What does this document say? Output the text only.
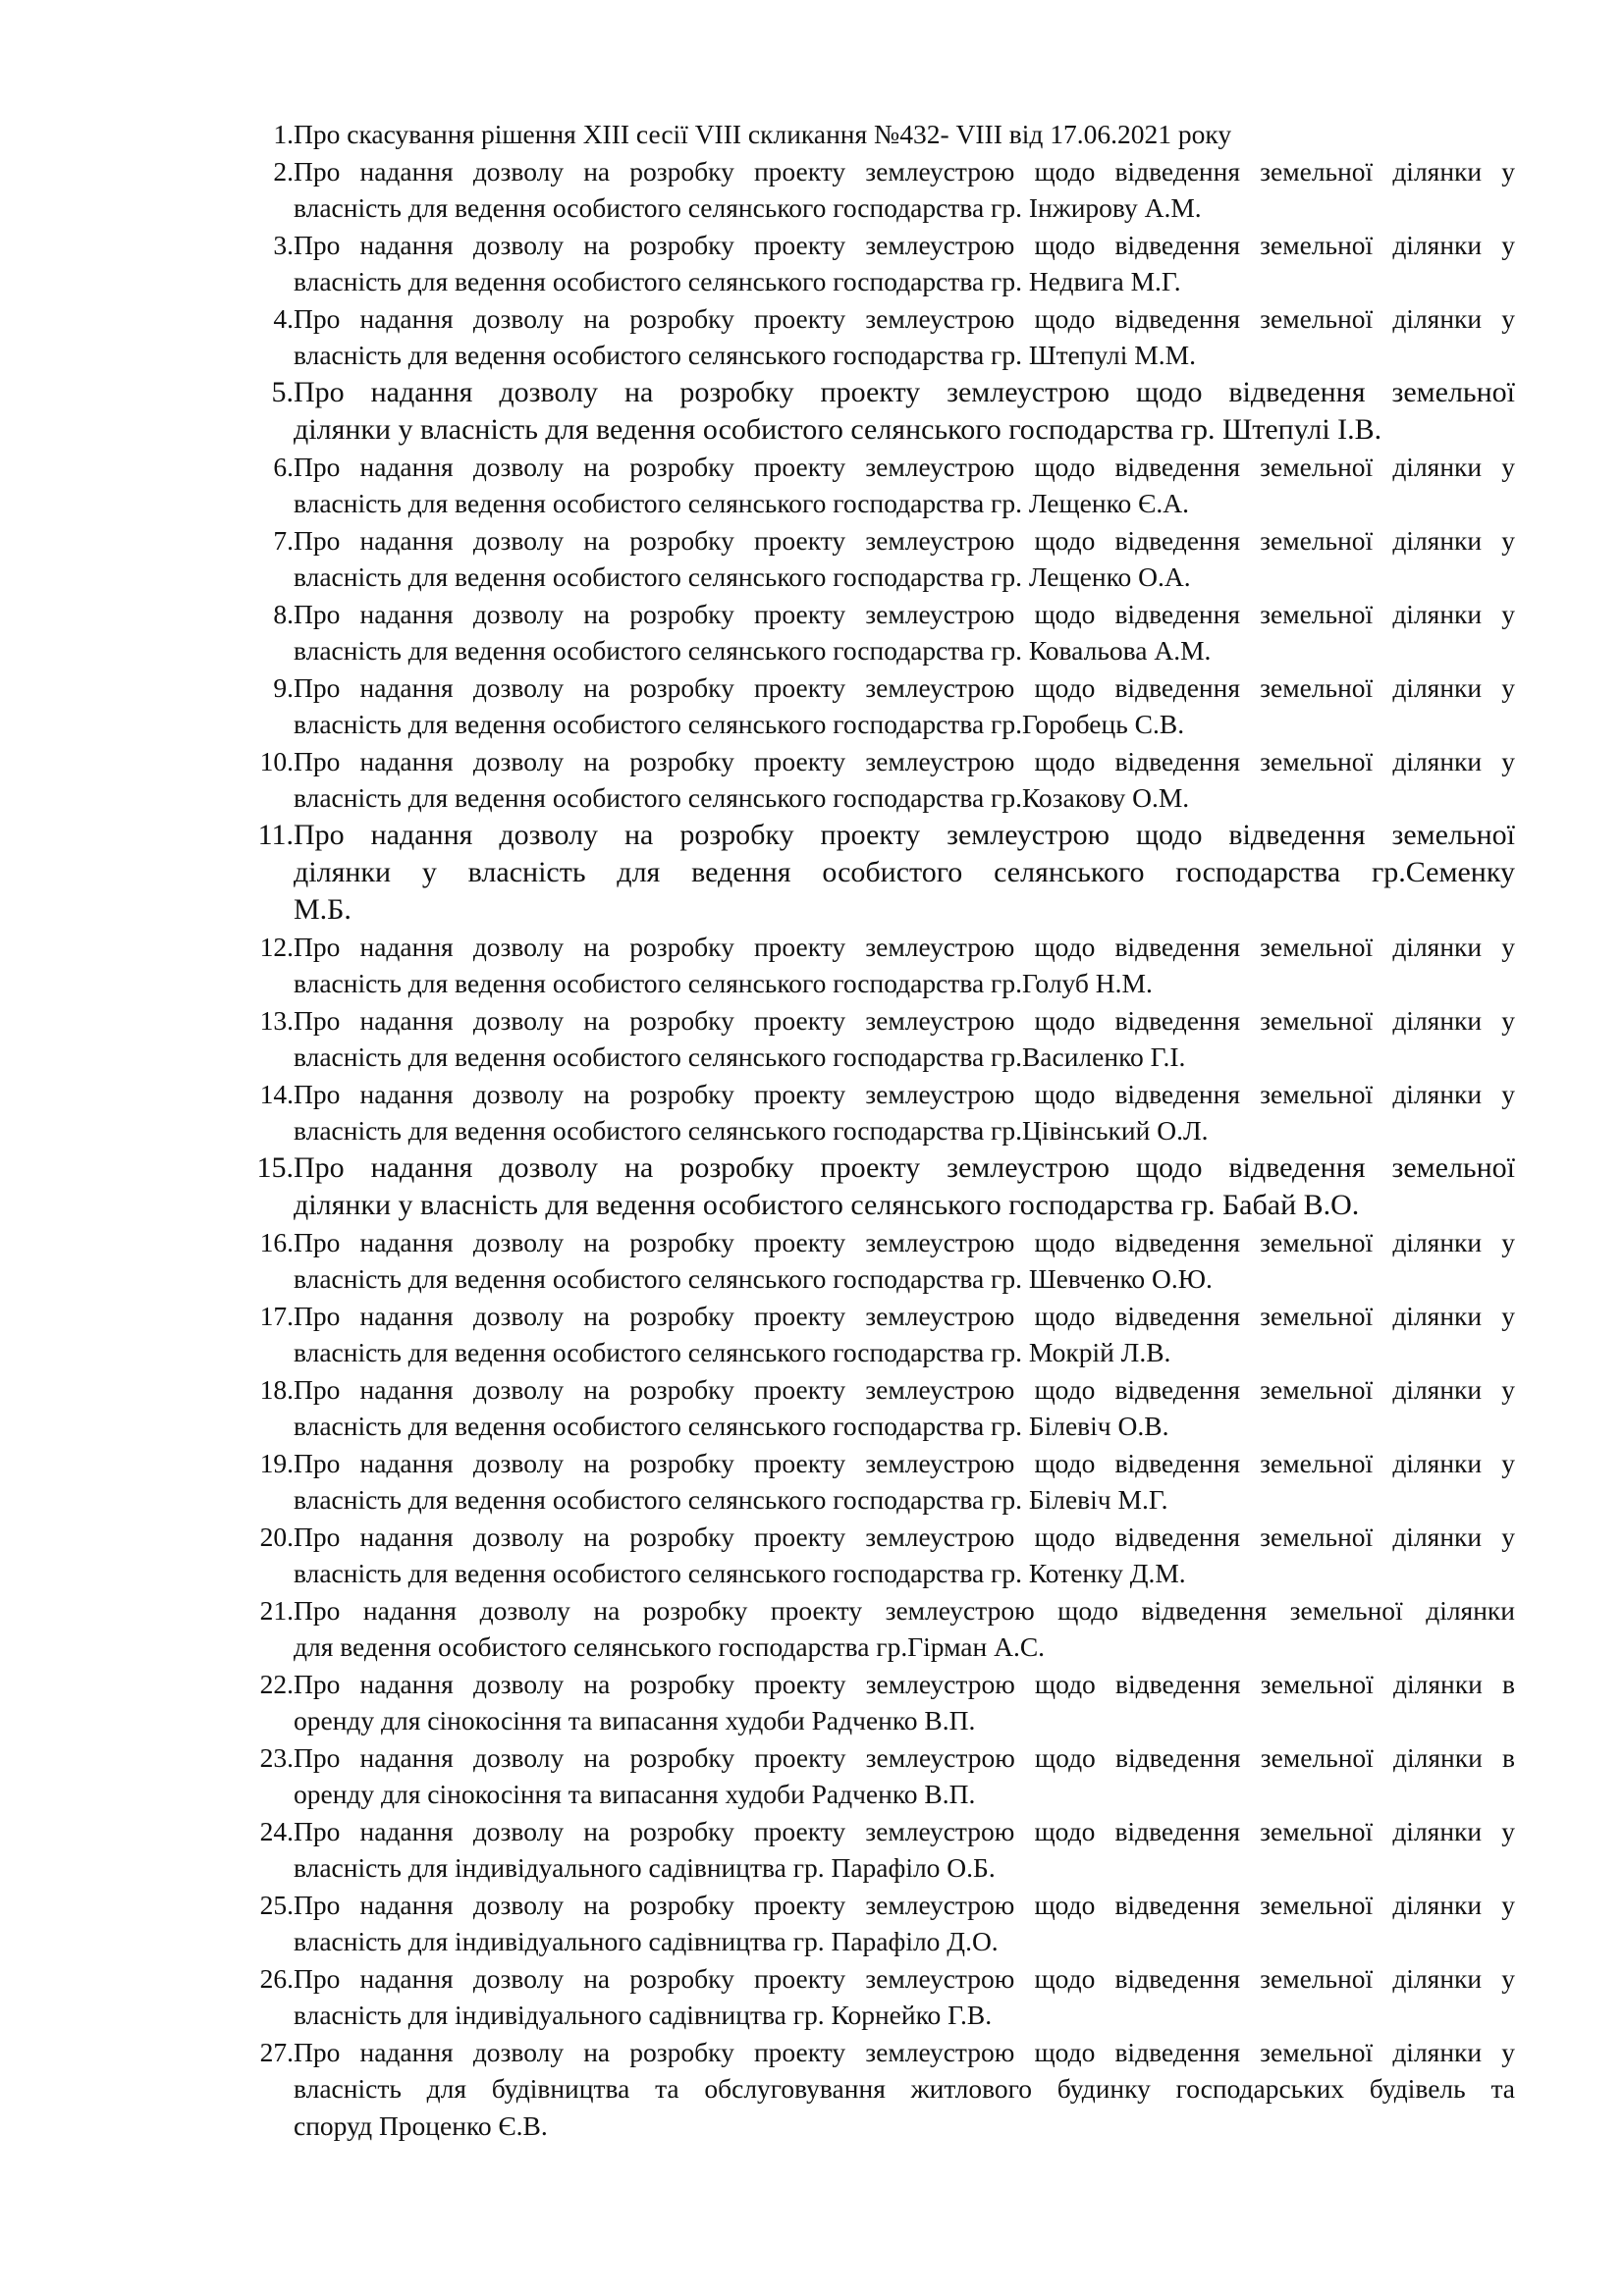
1. Про скасування рішення XIII сесії VIII скликання №432- VIII від 17.06.2021 року
2. Про надання дозволу на розробку проекту землеустрою щодо відведення земельної ділянки у
власність для ведення особистого селянського господарства гр. Інжирову А.М.
3. Про надання дозволу на розробку проекту землеустрою щодо відведення земельної ділянки у
власність для ведення особистого селянського господарства гр. Недвига М.Г.
4. Про надання дозволу на розробку проекту землеустрою щодо відведення земельної ділянки у
власність для ведення особистого селянського господарства гр. Штепулі М.М.
5. Про надання дозволу на розробку проекту землеустрою щодо відведення земельної
ділянки у власність для ведення особистого селянського господарства гр. Штепулі І.В.
6. Про надання дозволу на розробку проекту землеустрою щодо відведення земельної ділянки у
власність для ведення особистого селянського господарства гр. Лещенко Є.А.
7. Про надання дозволу на розробку проекту землеустрою щодо відведення земельної ділянки у
власність для ведення особистого селянського господарства гр. Лещенко О.А.
8. Про надання дозволу на розробку проекту землеустрою щодо відведення земельної ділянки у
власність для ведення особистого селянського господарства гр. Ковальова А.М.
9. Про надання дозволу на розробку проекту землеустрою щодо відведення земельної ділянки у
власність для ведення особистого селянського господарства гр.Горобець С.В.
10. Про надання дозволу на розробку проекту землеустрою щодо відведення земельної ділянки у
власність для ведення особистого селянського господарства гр.Козакову О.М.
11. Про надання дозволу на розробку проекту землеустрою щодо відведення земельної
ділянки у власність для ведення особистого селянського господарства гр.Семенку
М.Б.
12. Про надання дозволу на розробку проекту землеустрою щодо відведення земельної ділянки у
власність для ведення особистого селянського господарства гр.Голуб Н.М.
13. Про надання дозволу на розробку проекту землеустрою щодо відведення земельної ділянки у
власність для ведення особистого селянського господарства гр.Василенко Г.І.
14. Про надання дозволу на розробку проекту землеустрою щодо відведення земельної ділянки у
власність для ведення особистого селянського господарства гр.Цівінський О.Л.
15. Про надання дозволу на розробку проекту землеустрою щодо відведення земельної
ділянки у власність для ведення особистого селянського господарства гр. Бабай В.О.
16. Про надання дозволу на розробку проекту землеустрою щодо відведення земельної ділянки у
власність для ведення особистого селянського господарства гр. Шевченко О.Ю.
17. Про надання дозволу на розробку проекту землеустрою щодо відведення земельної ділянки у
власність для ведення особистого селянського господарства гр. Мокрій Л.В.
18. Про надання дозволу на розробку проекту землеустрою щодо відведення земельної ділянки у
власність для ведення особистого селянського господарства гр. Білевіч О.В.
19. Про надання дозволу на розробку проекту землеустрою щодо відведення земельної ділянки у
власність для ведення особистого селянського господарства гр. Білевіч М.Г.
20. Про надання дозволу на розробку проекту землеустрою щодо відведення земельної ділянки у
власність для ведення особистого селянського господарства гр. Котенку Д.М.
21. Про надання дозволу на розробку проекту землеустрою щодо відведення земельної ділянки
для ведення особистого селянського господарства гр.Гірман А.С.
22. Про надання дозволу на розробку проекту землеустрою щодо відведення земельної ділянки в
оренду для сінокосіння та випасання худоби Радченко В.П.
23. Про надання дозволу на розробку проекту землеустрою щодо відведення земельної ділянки в
оренду для сінокосіння та випасання худоби Радченко В.П.
24. Про надання дозволу на розробку проекту землеустрою щодо відведення земельної ділянки у
власність для індивідуального садівництва гр. Парафіло О.Б.
25. Про надання дозволу на розробку проекту землеустрою щодо відведення земельної ділянки у
власність для індивідуального садівництва гр. Парафіло Д.О.
26. Про надання дозволу на розробку проекту землеустрою щодо відведення земельної ділянки у
власність для індивідуального садівництва гр. Корнейко Г.В.
27. Про надання дозволу на розробку проекту землеустрою щодо відведення земельної ділянки у
власність для будівництва та обслуговування житлового будинку господарських будівель та
споруд Проценко Є.В.
